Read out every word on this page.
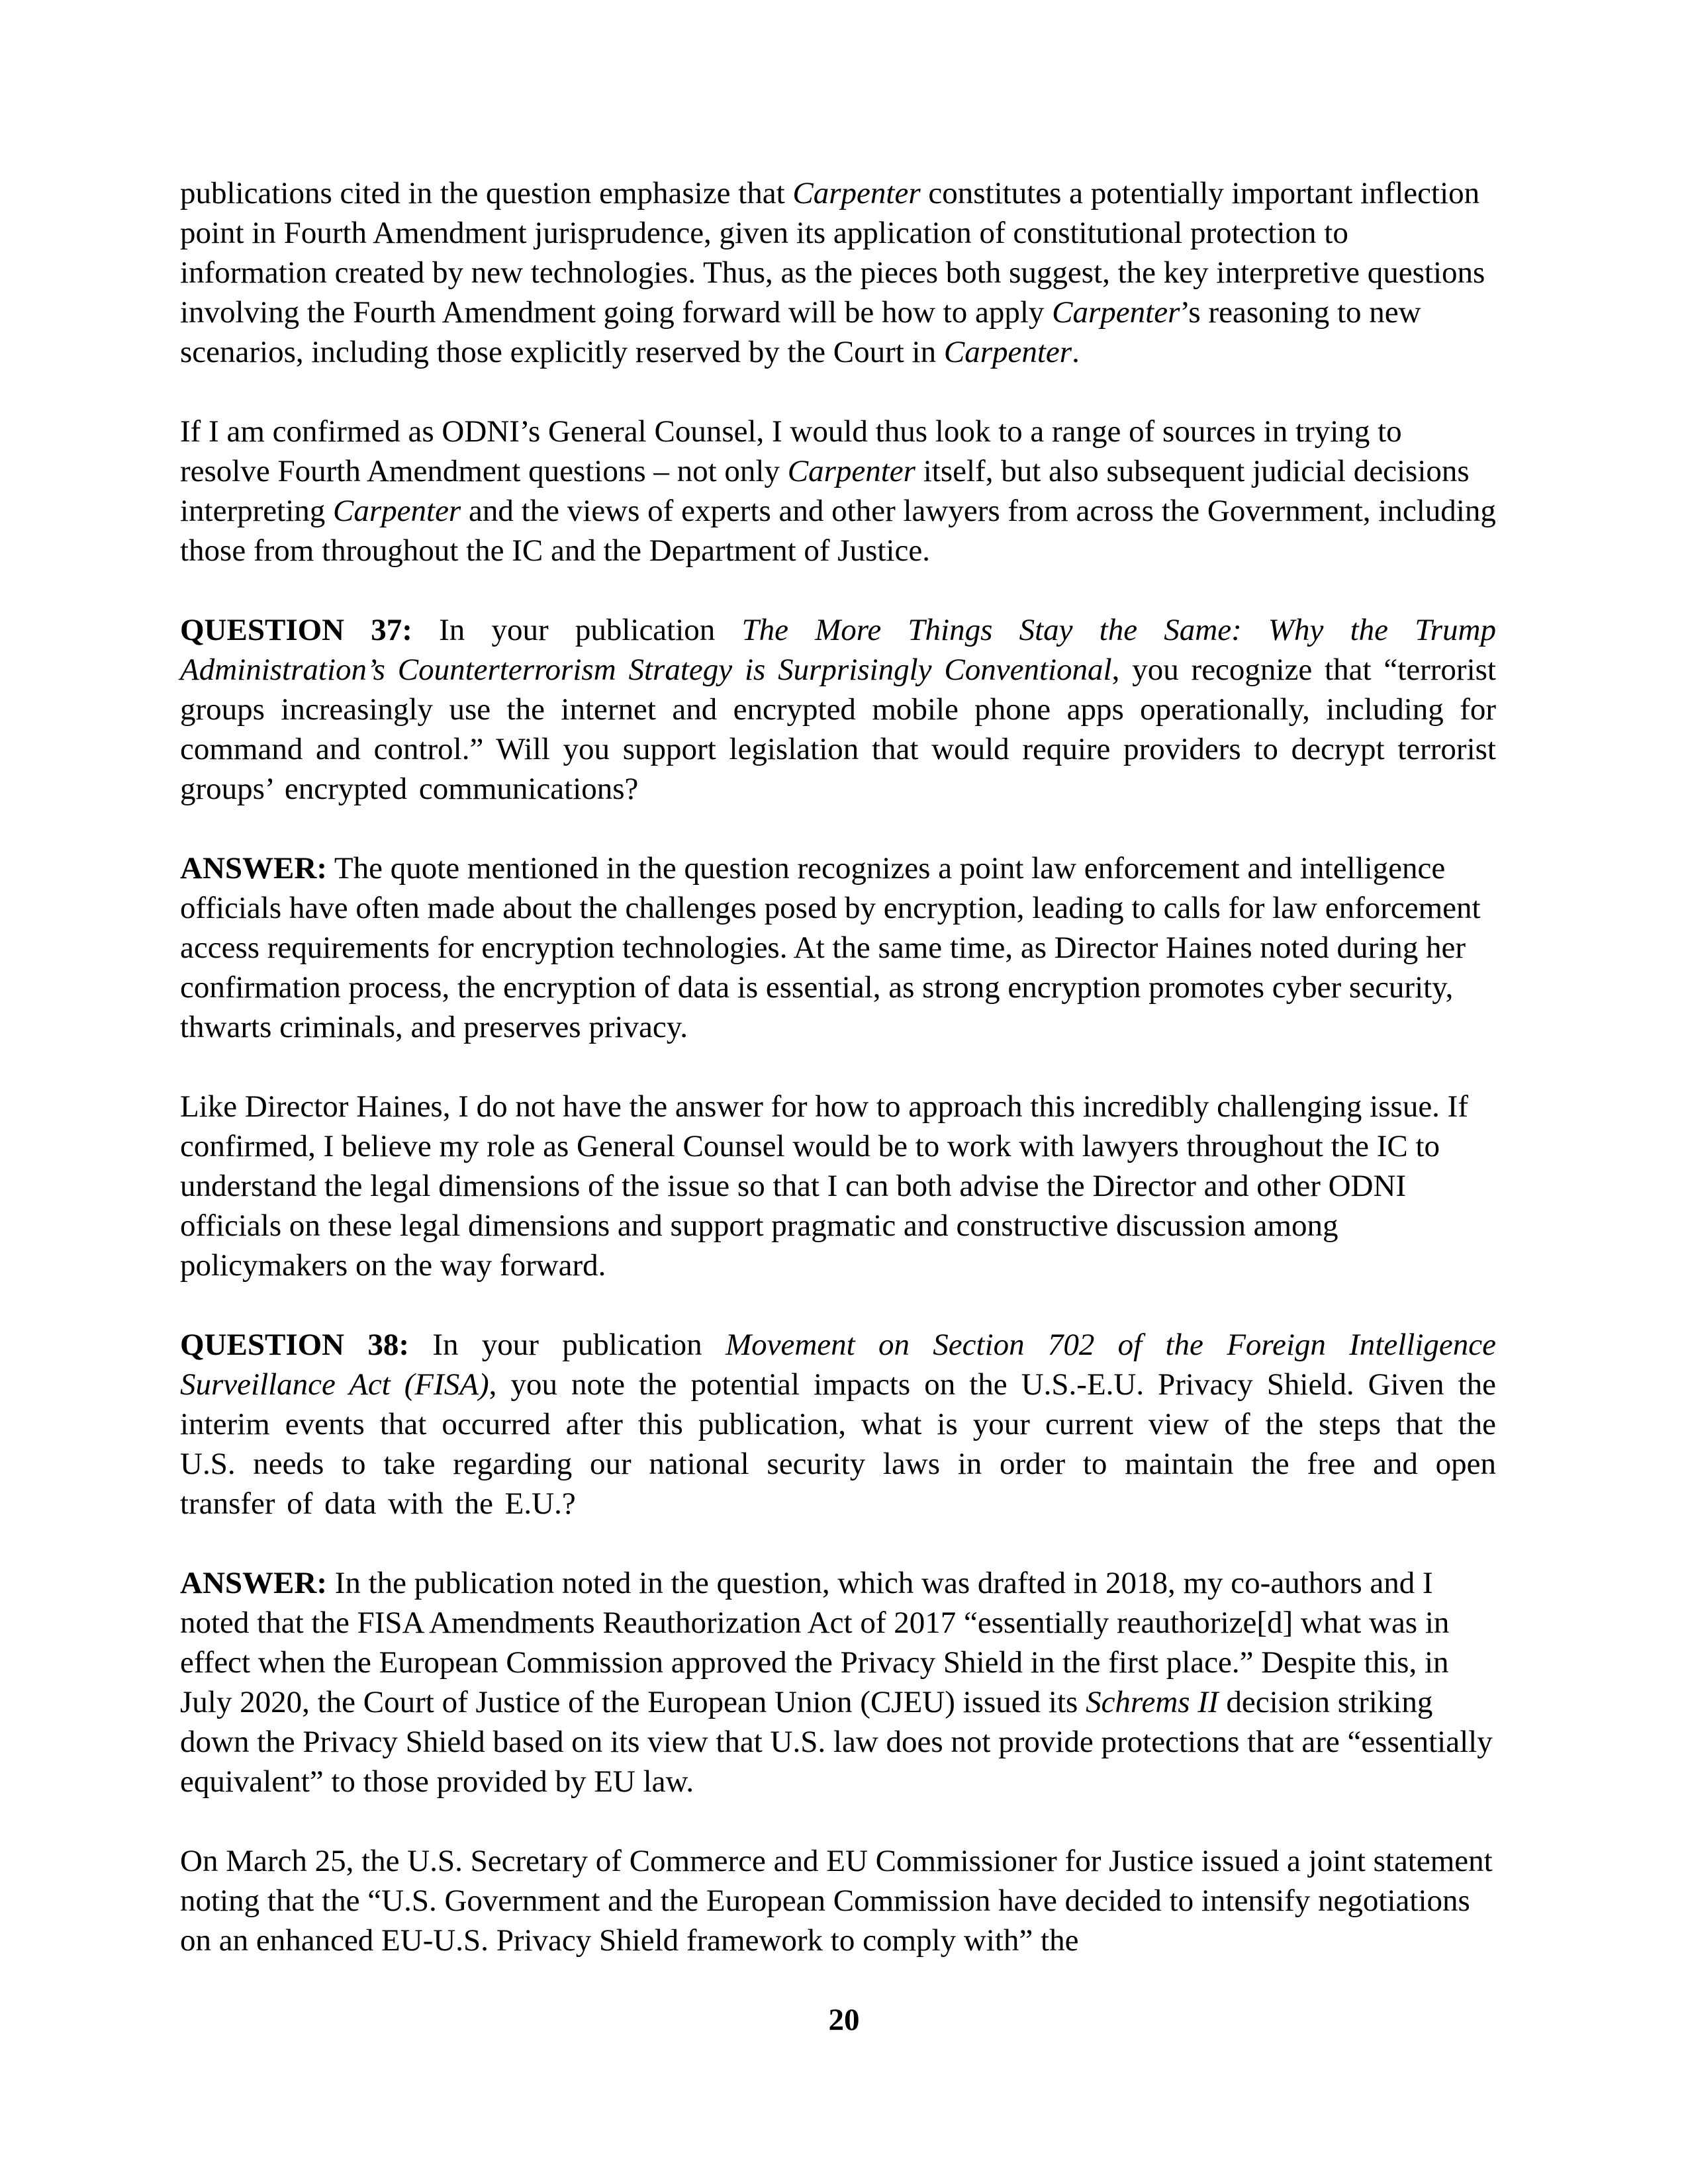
publications cited in the question emphasize that Carpenter constitutes a potentially important inflection point in Fourth Amendment jurisprudence, given its application of constitutional protection to information created by new technologies. Thus, as the pieces both suggest, the key interpretive questions involving the Fourth Amendment going forward will be how to apply Carpenter’s reasoning to new scenarios, including those explicitly reserved by the Court in Carpenter.

If I am confirmed as ODNI’s General Counsel, I would thus look to a range of sources in trying to resolve Fourth Amendment questions – not only Carpenter itself, but also subsequent judicial decisions interpreting Carpenter and the views of experts and other lawyers from across the Government, including those from throughout the IC and the Department of Justice.

QUESTION 37: In your publication The More Things Stay the Same: Why the Trump Administration’s Counterterrorism Strategy is Surprisingly Conventional, you recognize that “terrorist groups increasingly use the internet and encrypted mobile phone apps operationally, including for command and control.” Will you support legislation that would require providers to decrypt terrorist groups’ encrypted communications?

ANSWER: The quote mentioned in the question recognizes a point law enforcement and intelligence officials have often made about the challenges posed by encryption, leading to calls for law enforcement access requirements for encryption technologies. At the same time, as Director Haines noted during her confirmation process, the encryption of data is essential, as strong encryption promotes cyber security, thwarts criminals, and preserves privacy.

Like Director Haines, I do not have the answer for how to approach this incredibly challenging issue. If confirmed, I believe my role as General Counsel would be to work with lawyers throughout the IC to understand the legal dimensions of the issue so that I can both advise the Director and other ODNI officials on these legal dimensions and support pragmatic and constructive discussion among policymakers on the way forward.

QUESTION 38: In your publication Movement on Section 702 of the Foreign Intelligence Surveillance Act (FISA), you note the potential impacts on the U.S.-E.U. Privacy Shield. Given the interim events that occurred after this publication, what is your current view of the steps that the U.S. needs to take regarding our national security laws in order to maintain the free and open transfer of data with the E.U.?

ANSWER: In the publication noted in the question, which was drafted in 2018, my co-authors and I noted that the FISA Amendments Reauthorization Act of 2017 “essentially reauthorize[d] what was in effect when the European Commission approved the Privacy Shield in the first place.” Despite this, in July 2020, the Court of Justice of the European Union (CJEU) issued its Schrems II decision striking down the Privacy Shield based on its view that U.S. law does not provide protections that are “essentially equivalent” to those provided by EU law.

On March 25, the U.S. Secretary of Commerce and EU Commissioner for Justice issued a joint statement noting that the “U.S. Government and the European Commission have decided to intensify negotiations on an enhanced EU-U.S. Privacy Shield framework to comply with” the

20
